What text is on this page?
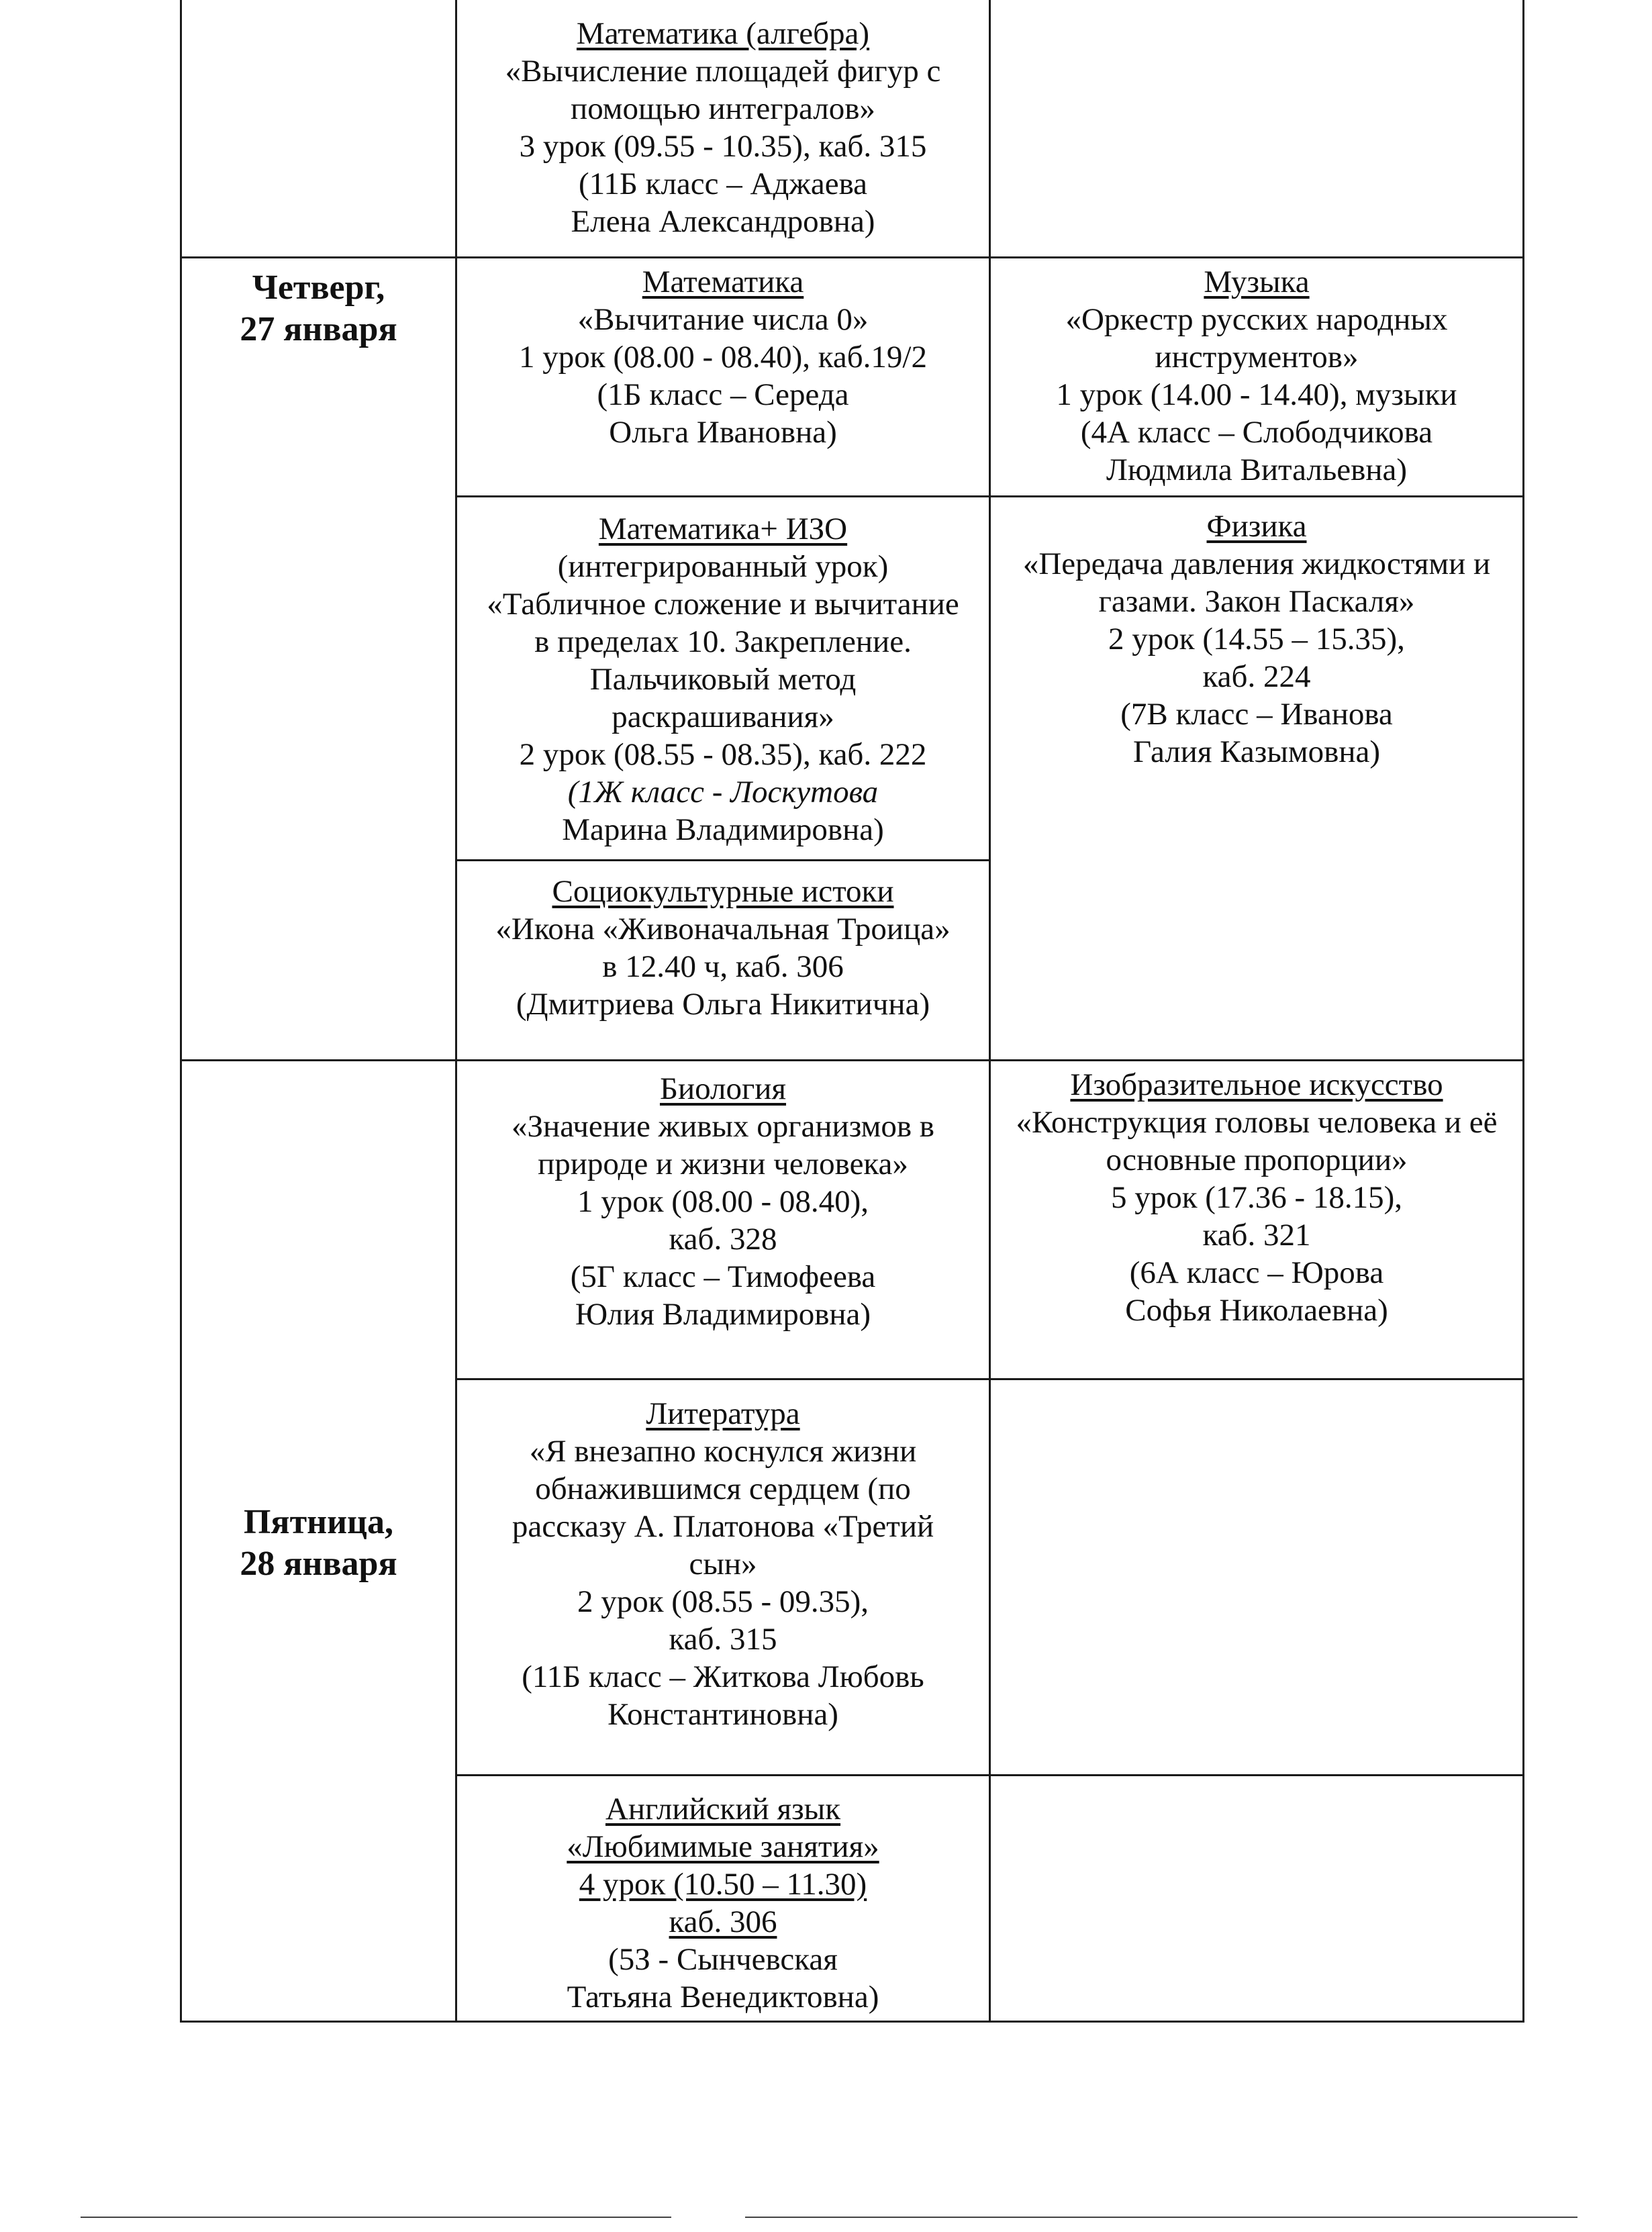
Четверг,
27 января
Пятница,
28 января
Математика (алгебра)
«Вычисление площадей фигур с
помощью интегралов»
3 урок (09.55 - 10.35), каб. 315
(11Б класс – Аджаева
Елена Александровна)
Математика
«Вычитание числа 0»
1 урок (08.00 - 08.40), каб.19/2
(1Б класс – Середа
Ольга Ивановна)
Музыка
«Оркестр русских народных
инструментов»
1 урок (14.00 - 14.40), музыки
(4А класс – Слободчикова
Людмила Витальевна)
Математика+ ИЗО
(интегрированный урок)
«Табличное сложение и вычитание
в пределах 10. Закрепление.
Пальчиковый метод
раскрашивания»
2 урок (08.55 - 08.35), каб. 222
(1Ж класс - Лоскутова
Марина Владимировна)
Физика
«Передача давления жидкостями и
газами. Закон Паскаля»
2 урок (14.55 – 15.35),
каб. 224
(7В класс – Иванова
Галия Казымовна)
Социокультурные истоки
«Икона «Живоначальная Троица»
в 12.40 ч, каб. 306
(Дмитриева Ольга Никитична)
Биология
«Значение живых организмов в
природе и жизни человека»
1 урок (08.00 - 08.40),
каб. 328
(5Г класс – Тимофеева
Юлия Владимировна)
Изобразительное искусство
«Конструкция головы человека и её
основные пропорции»
5 урок (17.36 - 18.15),
каб. 321
(6А класс – Юрова
Софья Николаевна)
Литература
«Я внезапно коснулся жизни
обнажившимся сердцем (по
рассказу А. Платонова «Третий
сын»
2 урок (08.55 - 09.35),
каб. 315
(11Б класс – Житкова Любовь
Константиновна)
Английский язык
«Любимимые занятия»
4 урок (10.50 – 11.30)
каб. 306
(5З - Сынчевская
Татьяна Венедиктовна)
